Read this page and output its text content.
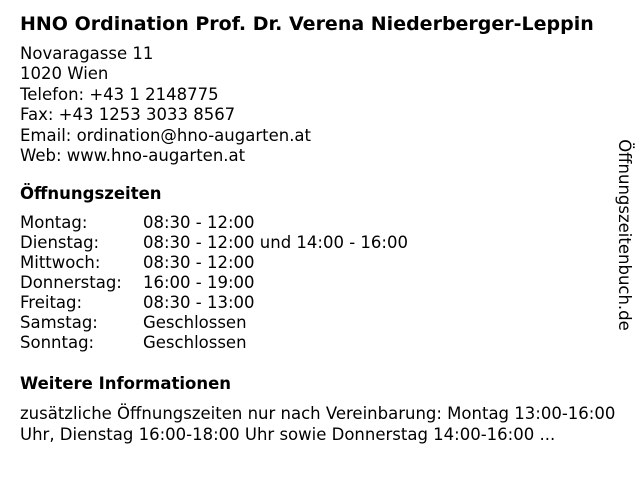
HNO Ordination Prof. Dr. Verena Niederberger-Leppin
Novaragasse 11
1020 Wien
Telefon: +43 1 2148775
Fax: +43 1253 3033 8567
Email: ordination@hno-augarten.at
Web: www.hno-augarten.at
Öffnungszeiten
Montag:	08:30 - 12:00
Dienstag:	08:30 - 12:00 und 14:00 - 16:00
Mittwoch:	08:30 - 12:00
Donnerstag:	16:00 - 19:00
Freitag:	08:30 - 13:00
Samstag:	Geschlossen
Sonntag:	Geschlossen
Weitere Informationen
zusätzliche Öffnungszeiten nur nach Vereinbarung: Montag 13:00-16:00 Uhr, Dienstag 16:00-18:00 Uhr sowie Donnerstag 14:00-16:00 ...
Öffnungszeitenbuch.de
